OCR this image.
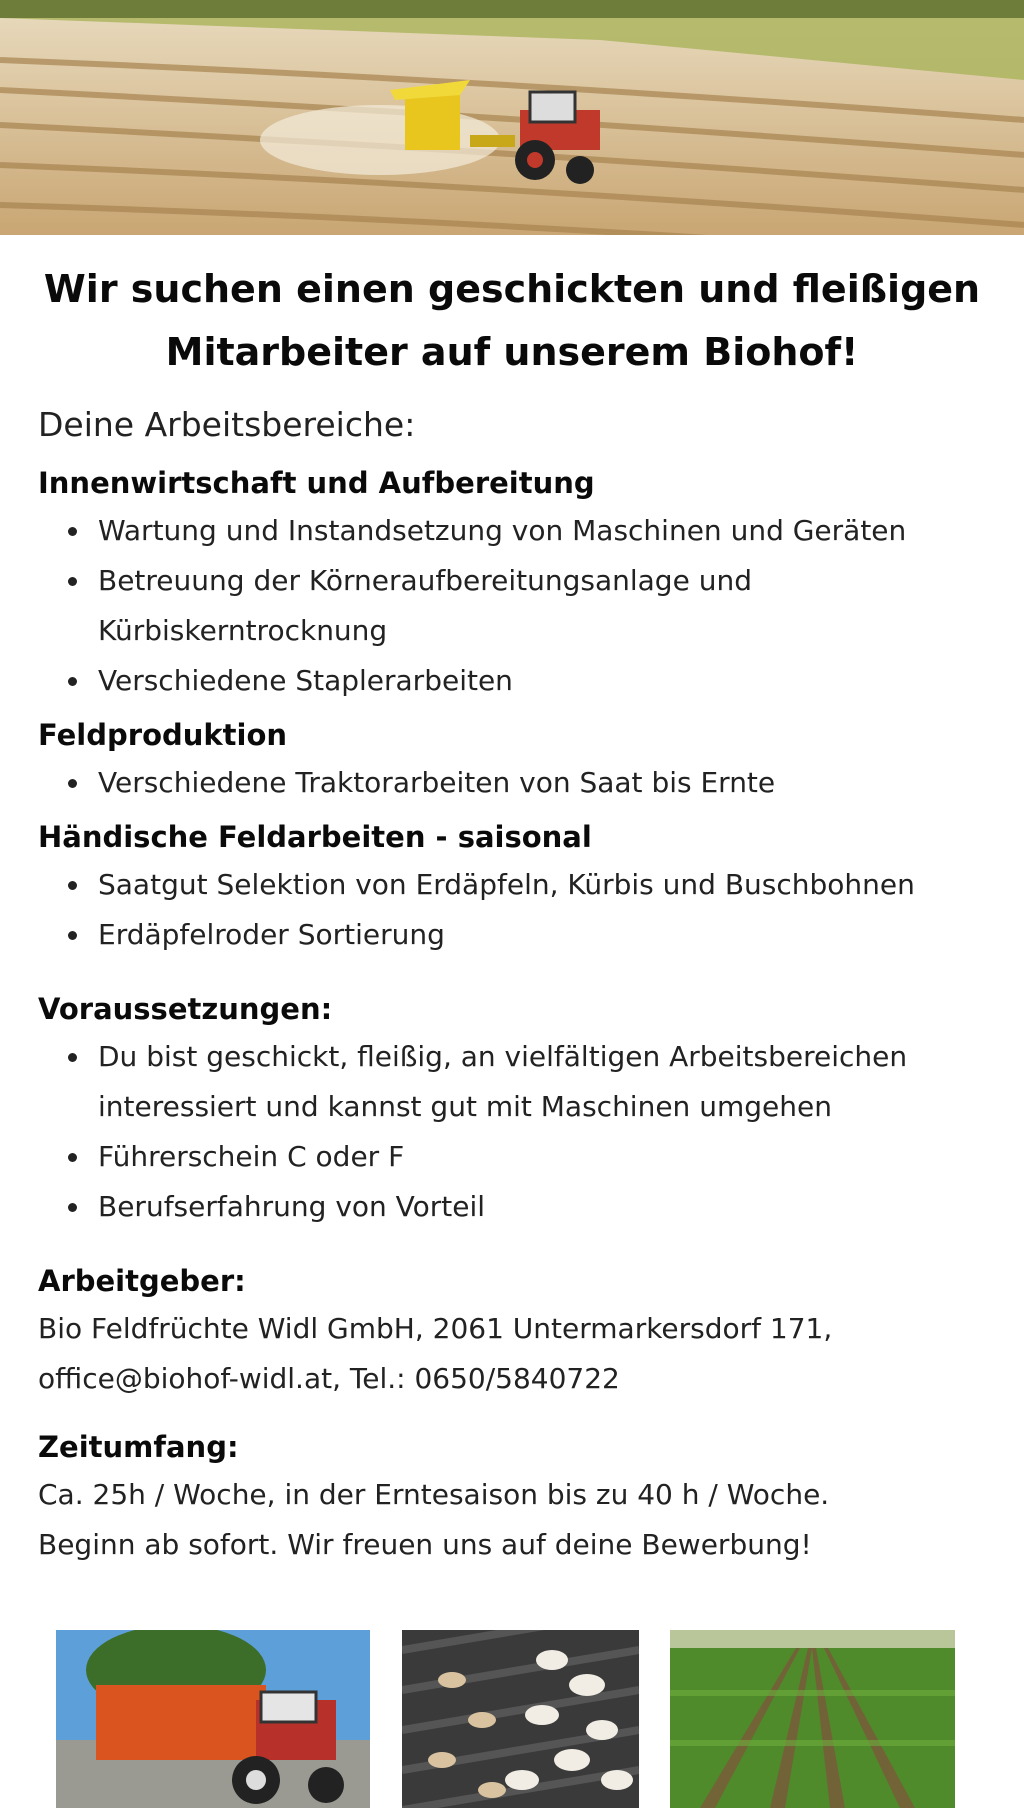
Wir suchen einen geschickten und fleißigen
Mitarbeiter auf unserem Biohof!

Deine Arbeitsbereiche:

Innenwirtschaft und Aufbereitung
Wartung und Instandsetzung von Maschinen und Geräten
Betreuung der Körneraufbereitungsanlage und
Kürbiskerntrocknung
Verschiedene Staplerarbeiten
Feldproduktion
Verschiedene Traktorarbeiten von Saat bis Ernte
Händische Feldarbeiten - saisonal
Saatgut Selektion von Erdäpfeln, Kürbis und Buschbohnen
Erdäpfelroder Sortierung
Voraussetzungen:
Du bist geschickt, fleißig, an vielfältigen Arbeitsbereichen
interessiert und kannst gut mit Maschinen umgehen
Führerschein C oder F
Berufserfahrung von Vorteil
Arbeitgeber:

Bio Feldfrüchte Widl GmbH, 2061 Untermarkersdorf 171,

office@biohof-widl.at, Tel.: 0650/5840722

Zeitumfang:

Ca. 25h / Woche, in der Erntesaison bis zu 40 h / Woche.

Beginn ab sofort. Wir freuen uns auf deine Bewerbung!
